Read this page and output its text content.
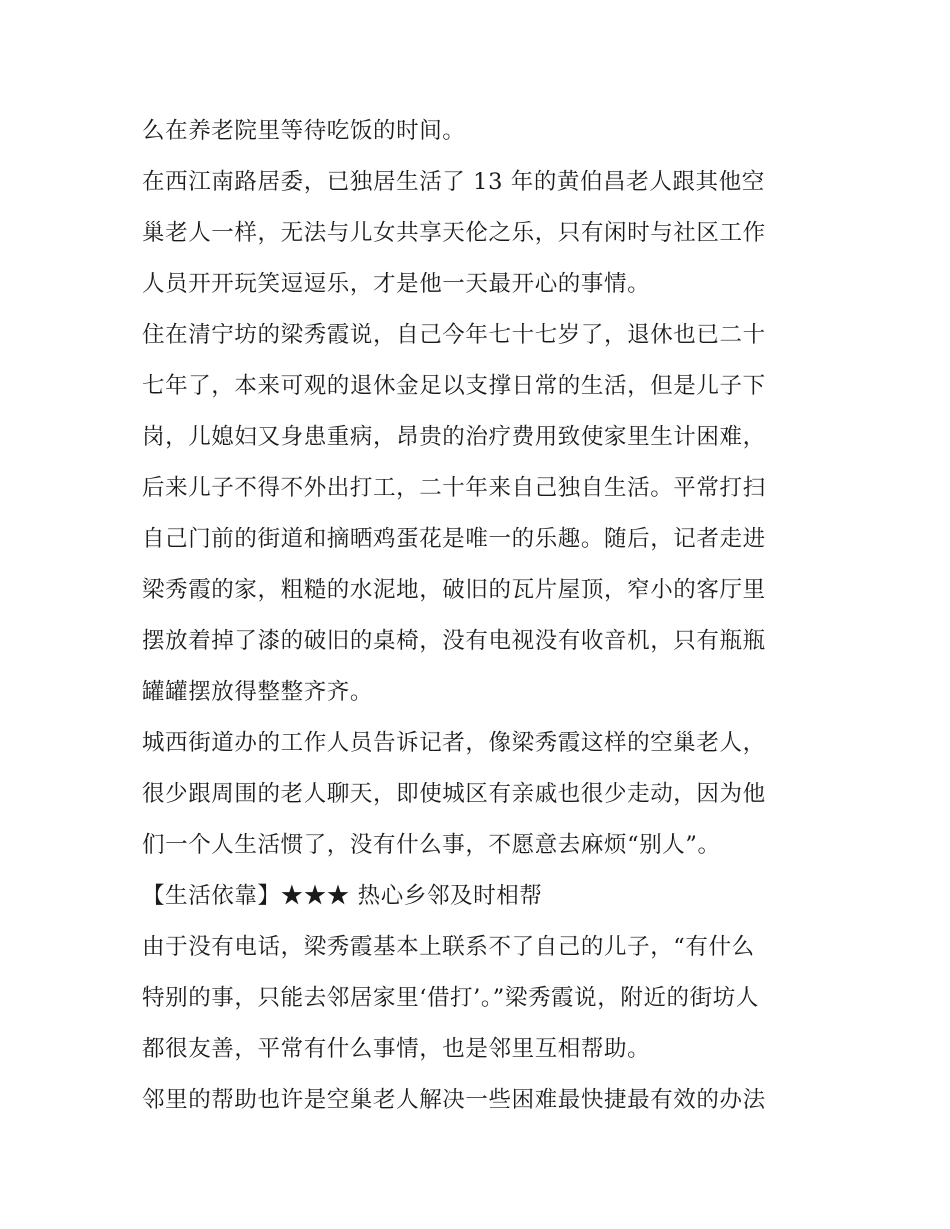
么在养老院里等待吃饭的时间。
在西江南路居委，已独居生活了 13 年的黄伯昌老人跟其他空
巢老人一样，无法与儿女共享天伦之乐，只有闲时与社区工作
人员开开玩笑逗逗乐，才是他一天最开心的事情。
住在清宁坊的梁秀霞说，自己今年七十七岁了，退休也已二十
七年了，本来可观的退休金足以支撑日常的生活，但是儿子下
岗，儿媳妇又身患重病，昂贵的治疗费用致使家里生计困难，
后来儿子不得不外出打工，二十年来自己独自生活。平常打扫
自己门前的街道和摘晒鸡蛋花是唯一的乐趣。随后，记者走进
梁秀霞的家，粗糙的水泥地，破旧的瓦片屋顶，窄小的客厅里
摆放着掉了漆的破旧的桌椅，没有电视没有收音机，只有瓶瓶
罐罐摆放得整整齐齐。
城西街道办的工作人员告诉记者，像梁秀霞这样的空巢老人，
很少跟周围的老人聊天，即使城区有亲戚也很少走动，因为他
们一个人生活惯了，没有什么事，不愿意去麻烦“别人”。
【生活依靠】★★★ 热心乡邻及时相帮
由于没有电话，梁秀霞基本上联系不了自己的儿子，“有什么
特别的事，只能去邻居家里‘借打’。”梁秀霞说，附近的街坊人
都很友善，平常有什么事情，也是邻里互相帮助。
邻里的帮助也许是空巢老人解决一些困难最快捷最有效的办法
